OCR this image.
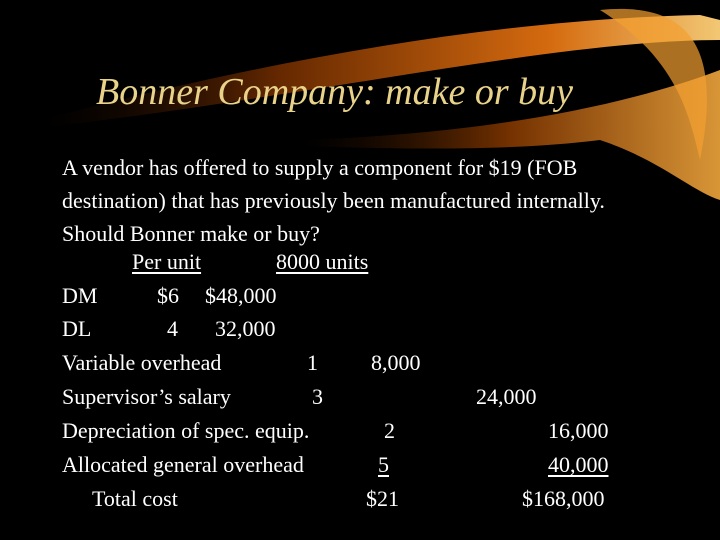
Bonner Company: make or buy
A vendor has offered to supply a component for $19 (FOB
destination) that has previously been manufactured internally.
Should Bonner make or buy?
Per unit	8000 units
DM	$6 $48,000
DL	4 32,000
Variable overhead	1 8,000
Supervisor’s salary	3	24,000
Depreciation of spec. equip.	2	16,000
Allocated general overhead	5	40,000
Total cost	$21	$168,000
